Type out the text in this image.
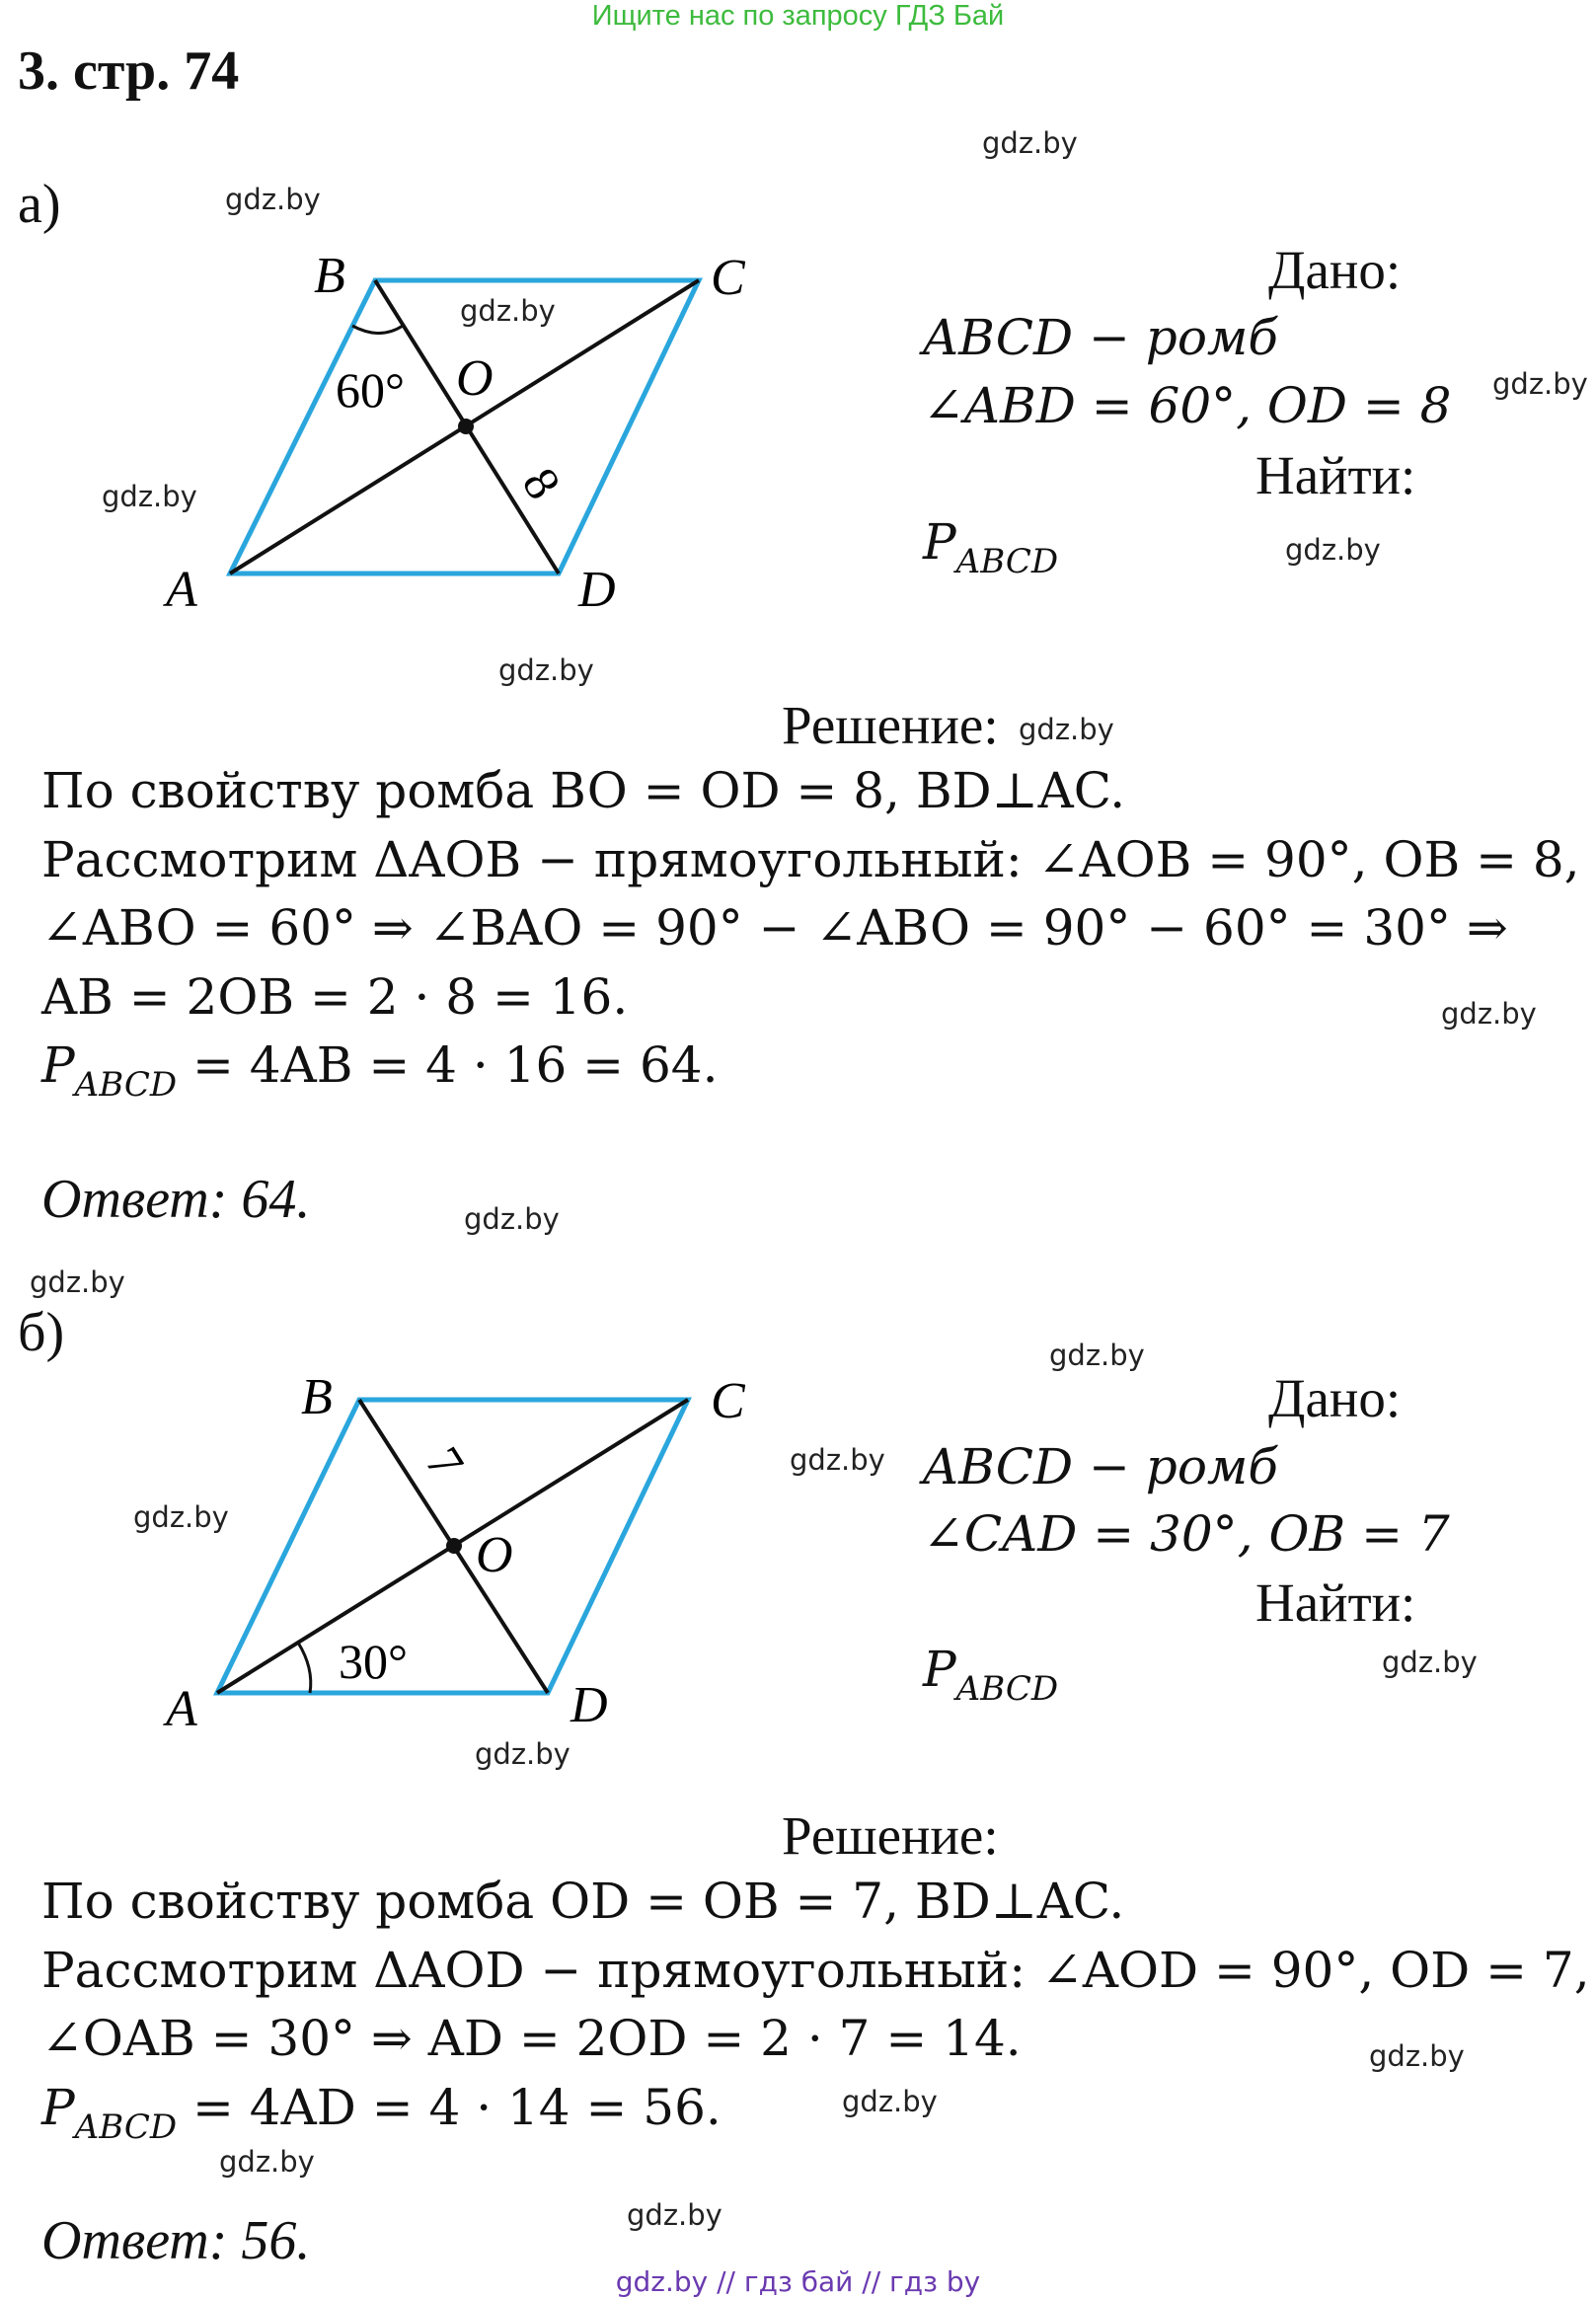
Ищите нас по запросу ГДЗ Бай
3. стр. 74
а)
B	C
A	D
O
60°
8
Дано:
ABCD − ромб
∠ABD = 60°, OD = 8
Найти:
$P_{ABCD}$
Решение:
По свойству ромба BO = OD = 8, BD⊥AC.
Рассмотрим ΔAOB − прямоугольный: ∠AOB = 90°, OB = 8,
∠ABO = 60° ⇒ ∠BAO = 90° − ∠ABO = 90° − 60° = 30° ⇒
AB = 2OB = 2 · 8 = 16.
$P_{ABCD} = 4AB = 4 \cdot 16 = 64$.
Ответ: 64.
б)
B	C
A	D
O
30°
7
Дано:
ABCD − ромб
∠CAD = 30°, OB = 7
Найти:
$P_{ABCD}$
Решение:
По свойству ромба OD = OB = 7, BD⊥AC.
Рассмотрим ΔAOD − прямоугольный: ∠AOD = 90°, OD = 7,
∠OAB = 30° ⇒ AD = 2OD = 2 · 7 = 14.
$P_{ABCD} = 4AD = 4 \cdot 14 = 56$.
Ответ: 56.
gdz.by
gdz.by
gdz.by
gdz.by
gdz.by
gdz.by
gdz.by
gdz.by
gdz.by
gdz.by
gdz.by
gdz.by
gdz.by
gdz.by
gdz.by
gdz.by
gdz.by
gdz.by
gdz.by
gdz.by
gdz.by // гдз бай // гдз by
